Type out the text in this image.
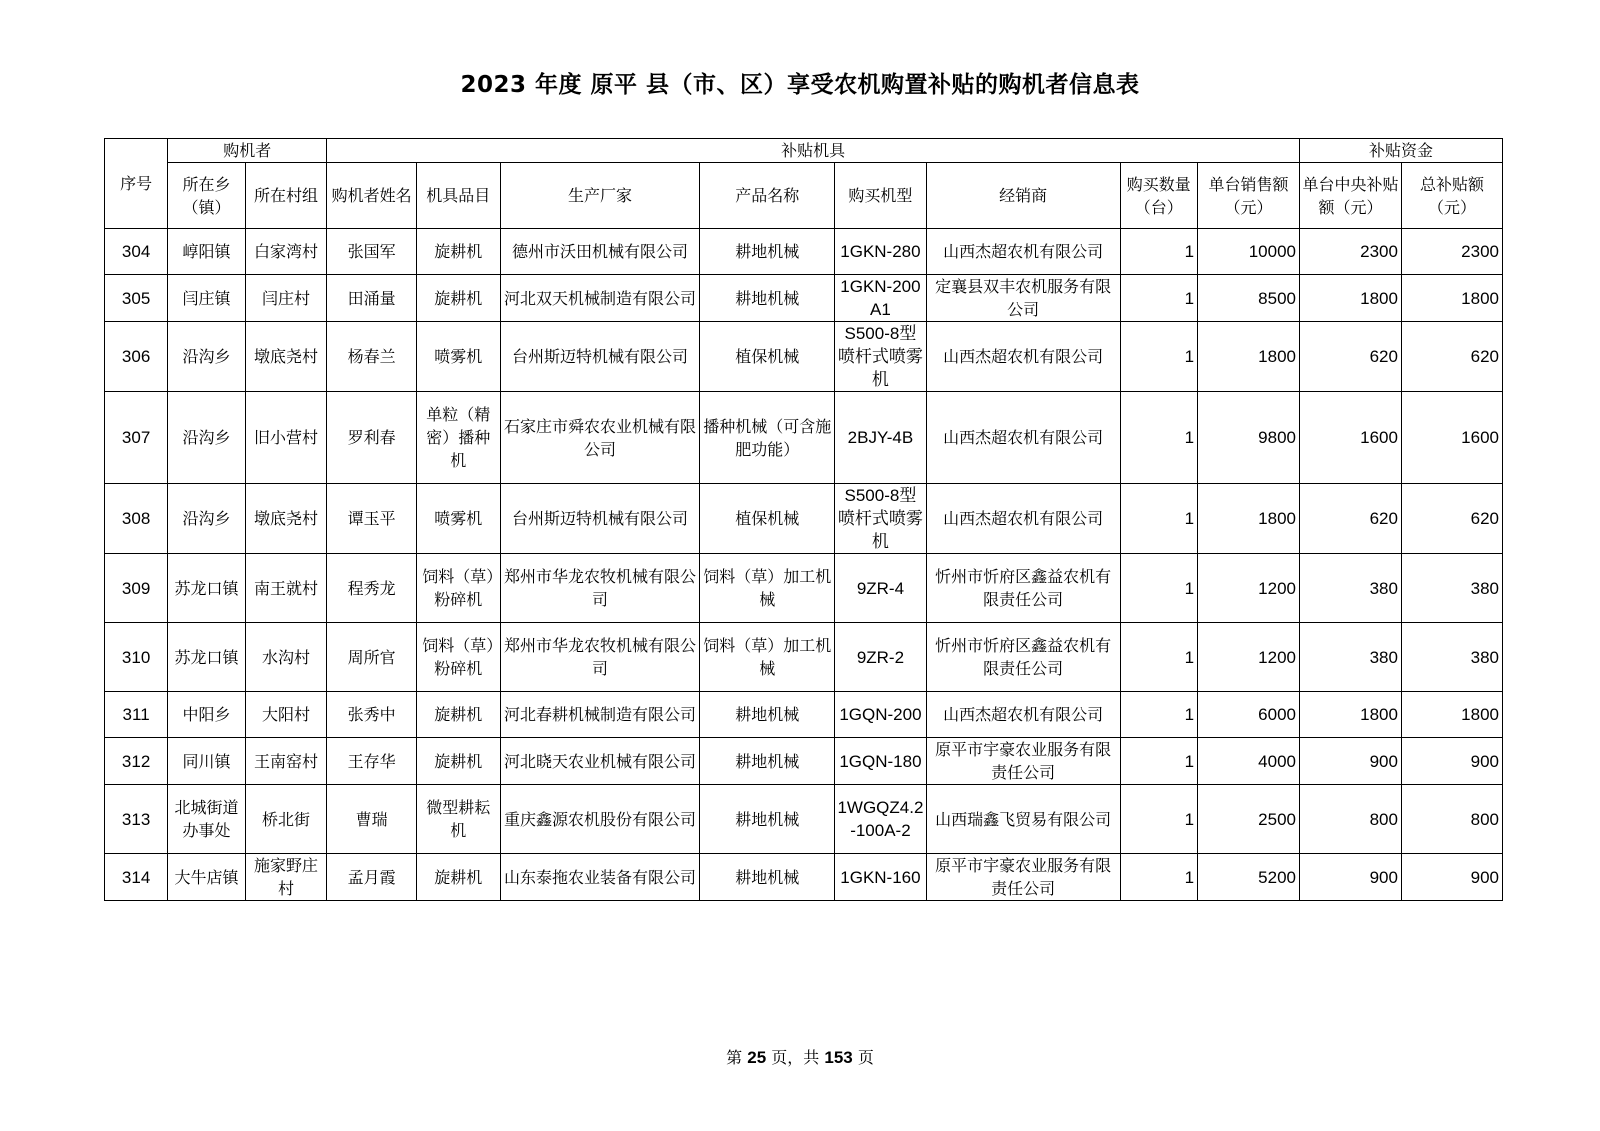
2023 年度 原平 县（市、区）享受农机购置补贴的购机者信息表
序号	购机者		补贴机具								补贴资金	
	所在乡（镇）	所在村组	购机者姓名	机具品目	生产厂家	产品名称	购买机型	经销商	购买数量（台）	单台销售额（元）	单台中央补贴额（元）	总补贴额（元）
304	崞阳镇	白家湾村	张国军	旋耕机	德州市沃田机械有限公司	耕地机械	1GKN-280	山西杰超农机有限公司	1	10000	2300	2300
305	闫庄镇	闫庄村	田涌量	旋耕机	河北双天机械制造有限公司	耕地机械	1GKN-200A1	定襄县双丰农机服务有限公司	1	8500	1800	1800
306	沿沟乡	墩底尧村	杨春兰	喷雾机	台州斯迈特机械有限公司	植保机械	S500-8型喷杆式喷雾机	山西杰超农机有限公司	1	1800	620	620
307	沿沟乡	旧小营村	罗利春	单粒（精密）播种机	石家庄市舜农农业机械有限公司	播种机械（可含施肥功能）	2BJY-4B	山西杰超农机有限公司	1	9800	1600	1600
308	沿沟乡	墩底尧村	谭玉平	喷雾机	台州斯迈特机械有限公司	植保机械	S500-8型喷杆式喷雾机	山西杰超农机有限公司	1	1800	620	620
309	苏龙口镇	南王就村	程秀龙	饲料（草）粉碎机	郑州市华龙农牧机械有限公司	饲料（草）加工机械	9ZR-4	忻州市忻府区鑫益农机有限责任公司	1	1200	380	380
310	苏龙口镇	水沟村	周所官	饲料（草）粉碎机	郑州市华龙农牧机械有限公司	饲料（草）加工机械	9ZR-2	忻州市忻府区鑫益农机有限责任公司	1	1200	380	380
311	中阳乡	大阳村	张秀中	旋耕机	河北春耕机械制造有限公司	耕地机械	1GQN-200	山西杰超农机有限公司	1	6000	1800	1800
312	同川镇	王南窑村	王存华	旋耕机	河北晓天农业机械有限公司	耕地机械	1GQN-180	原平市宇豪农业服务有限责任公司	1	4000	900	900
313	北城街道办事处	桥北街	曹瑞	微型耕耘机	重庆鑫源农机股份有限公司	耕地机械	1WGQZ4.2-100A-2	山西瑞鑫飞贸易有限公司	1	2500	800	800
314	大牛店镇	施家野庄村	孟月霞	旋耕机	山东泰拖农业装备有限公司	耕地机械	1GKN-160	原平市宇豪农业服务有限责任公司	1	5200	900	900
第 25 页，共 153 页
